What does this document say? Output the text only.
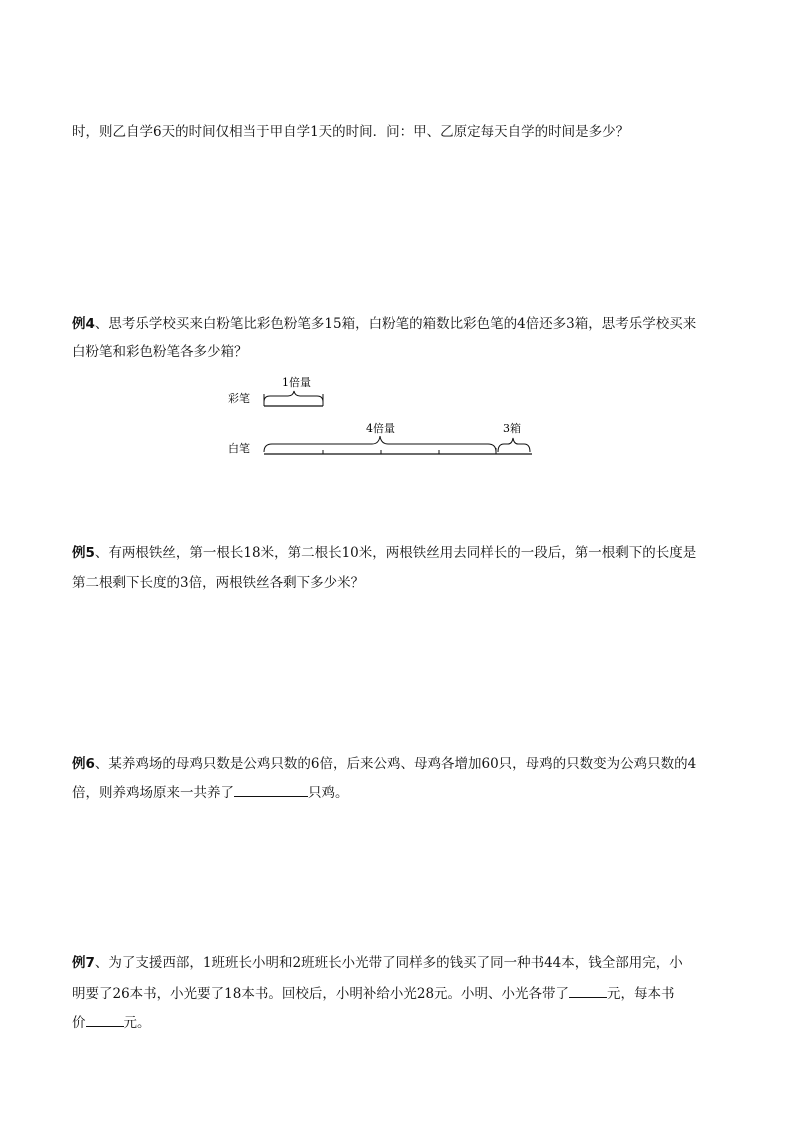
时，则乙自学6天的时间仅相当于甲自学1天的时间．问：甲、乙原定每天自学的时间是多少？
例4、思考乐学校买来白粉笔比彩色粉笔多15箱，白粉笔的箱数比彩色笔的4倍还多3箱，思考乐学校买来
白粉笔和彩色粉笔各多少箱？
彩笔
1倍量
白笔
4倍量	3箱
例5、有两根铁丝，第一根长18米，第二根长10米，两根铁丝用去同样长的一段后，第一根剩下的长度是
第二根剩下长度的3倍，两根铁丝各剩下多少米？
例6、某养鸡场的母鸡只数是公鸡只数的6倍，后来公鸡、母鸡各增加60只，母鸡的只数变为公鸡只数的4
倍，则养鸡场原来一共养了	只鸡。
例7、为了支援西部，1班班长小明和2班班长小光带了同样多的钱买了同一种书44本，钱全部用完，小
明要了26本书，小光要了18本书。回校后，小明补给小光28元。小明、小光各带了	元，每本书
价	元。
